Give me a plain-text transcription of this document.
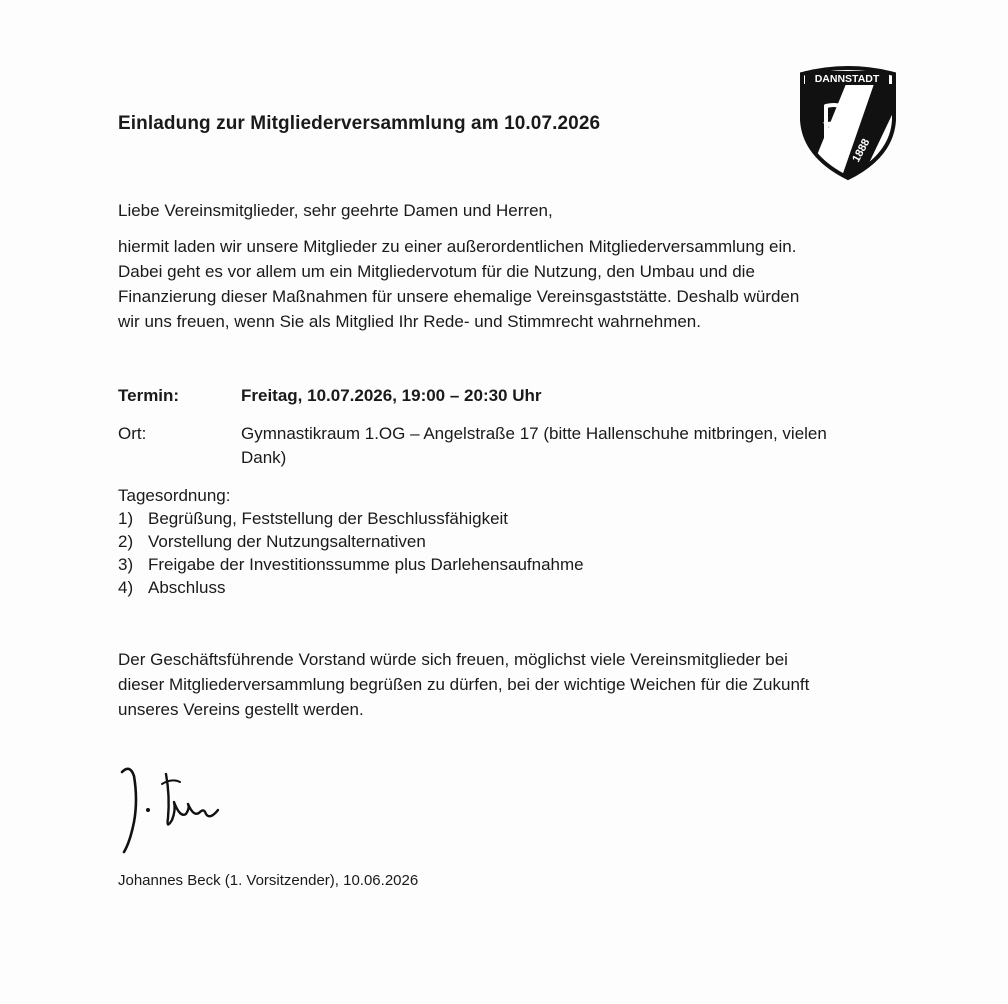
DANNSTADT
1888
Einladung zur Mitgliederversammlung am 10.07.2026
Liebe Vereinsmitglieder, sehr geehrte Damen und Herren,
hiermit laden wir unsere Mitglieder zu einer außerordentlichen Mitgliederversammlung ein.
Dabei geht es vor allem um ein Mitgliedervotum für die Nutzung, den Umbau und die
Finanzierung dieser Maßnahmen für unsere ehemalige Vereinsgaststätte. Deshalb würden
wir uns freuen, wenn Sie als Mitglied Ihr Rede- und Stimmrecht wahrnehmen.
Termin:	Freitag, 10.07.2026, 19:00 – 20:30 Uhr
Ort:	Gymnastikraum 1.OG – Angelstraße 17 (bitte Hallenschuhe mitbringen, vielen
Dank)
Tagesordnung:
1) Begrüßung, Feststellung der Beschlussfähigkeit
2) Vorstellung der Nutzungsalternativen
3) Freigabe der Investitionssumme plus Darlehensaufnahme
4) Abschluss
Der Geschäftsführende Vorstand würde sich freuen, möglichst viele Vereinsmitglieder bei
dieser Mitgliederversammlung begrüßen zu dürfen, bei der wichtige Weichen für die Zukunft
unseres Vereins gestellt werden.
Johannes Beck (1. Vorsitzender), 10.06.2026
